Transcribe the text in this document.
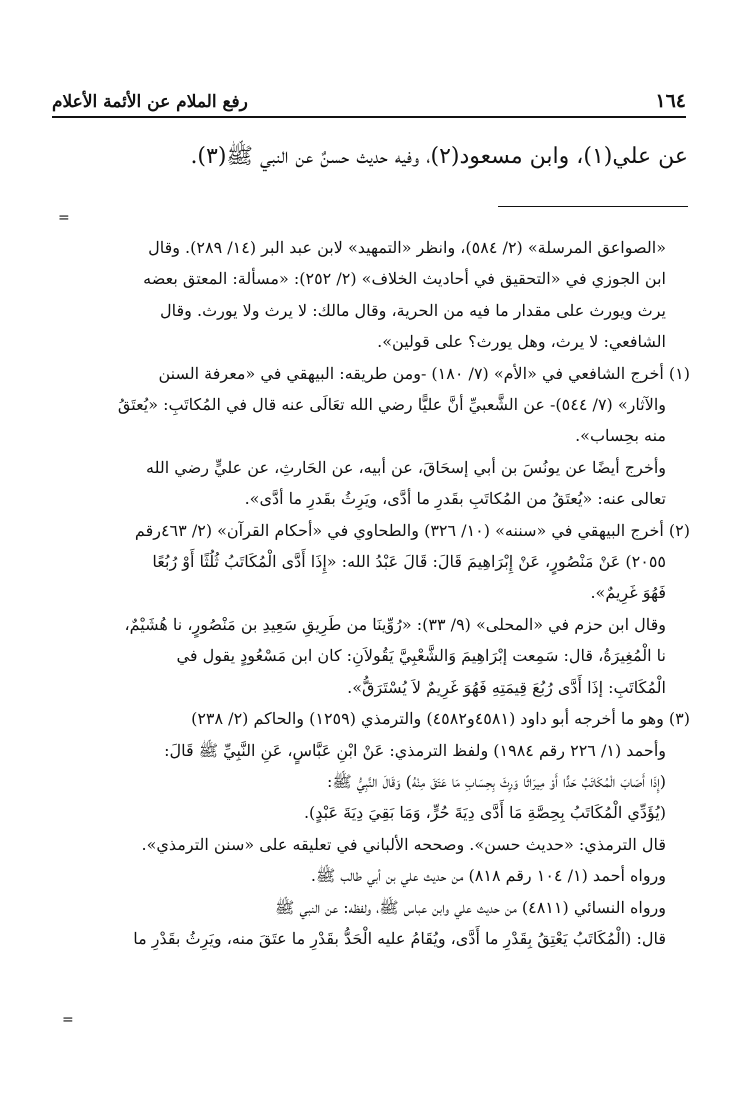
١٦٤
رفع الملام عن الأئمة الأعلام
عن علي(١)، وابن مسعود(٢)، وفيه حديث حسنٌ عن النبي ﷺ(٣).
=

«الصواعق المرسلة» (٢/ ٥٨٤)، وانظر «التمهيد» لابن عبد البر (١٤/ ٢٨٩). وقال

ابن الجوزي في «التحقيق في أحاديث الخلاف» (٢/ ٢٥٢): «مسألة: المعتق بعضه

يرث ويورث على مقدار ما فيه من الحرية، وقال مالك: لا يرث ولا يورث. وقال

الشافعي: لا يرث، وهل يورث؟ على قولين».

(١) أخرج الشافعي في «الأم» (٧/ ١٨٠) -ومن طريقه: البيهقي في «معرفة السنن

والآثار» (٧/ ٥٤٤)- عن الشَّعبيِّ أنَّ عليًّا رضي الله تعَالَى عنه قال في المُكاتَبِ: «يُعتَقُ

منه بحِساب».

وأخرج أيضًا عن يونُسَ بن أبي إسحَاقَ، عن أبيه، عن الحَارثِ، عن عليٍّ رضي الله

تعالى عنه: «يُعتَقُ من المُكاتَبِ بقَدرِ ما أدَّى، ويَرِثُ بقَدرِ ما أدَّى».

(٢) أخرج البيهقي في «سننه» (١٠/ ٣٢٦) والطحاوي في «أحكام القرآن» (٢/ ٤٦٣رقم

٢٠٥٥) عَنْ مَنْصُورٍ، عَنْ إِبْرَاهِيمَ قَالَ: قَالَ عَبْدُ الله: «إِذَا أَدَّى الْمُكَاتَبُ ثُلُثًا أَوْ رُبُعًا

فَهُوَ غَرِيمٌ».

وقال ابن حزم في «المحلى» (٩/ ٣٣): «رُوِّينَا من طَرِيقِ سَعِيدِ بن مَنْصُورٍ، نا هُشَيْمٌ،

نا الْمُغِيرَةُ، قال: سَمِعت إبْرَاهِيمَ وَالشَّعْبِيَّ يَقُولاَنِ: كان ابن مَسْعُودٍ يقول في

الْمُكَاتَبِ: إذَا أَدَّى رُبُعَ قِيمَتِهِ فَهُوَ غَرِيمٌ لاَ يُسْتَرَقُّ».

(٣) وهو ما أخرجه أبو داود (٤٥٨١و٤٥٨٢) والترمذي (١٢٥٩) والحاكم (٢/ ٢٣٨)

وأحمد (١/ ٢٢٦ رقم ١٩٨٤) ولفظ الترمذي: عَنْ ابْنِ عَبَّاسٍ، عَنِ النَّبِيِّ ﷺ قَالَ:

(إِذَا أَصَابَ الْمُكَاتَبُ حَدًّا أَوْ مِيرَاثًا وَرِثَ بِحِسَابِ مَا عَتَقَ مِنْهُ) وَقَالَ النَّبِيُّ ﷺ:

(يُؤَدِّي الْمُكَاتَبُ بِحِصَّةِ مَا أَدَّى دِيَةَ حُرٍّ، وَمَا بَقِيَ دِيَةَ عَبْدٍ).

قال الترمذي: «حديث حسن». وصححه الألباني في تعليقه على «سنن الترمذي».

ورواه أحمد (١/ ١٠٤ رقم ٨١٨) من حديث علي بن أبي طالب ﷺ.

ورواه النسائي (٤٨١١) من حديث علي وابن عباس ﷺ، ولفظه: عن النبي ﷺ

قال: (الْمُكَاتَبُ يَعْتِقُ بِقَدْرِ ما أَدَّى، ويُقَامُ عليه الْحَدُّ بقَدْرِ ما عتَقَ منه، ويَرِثُ بقَدْرِ ما

=
